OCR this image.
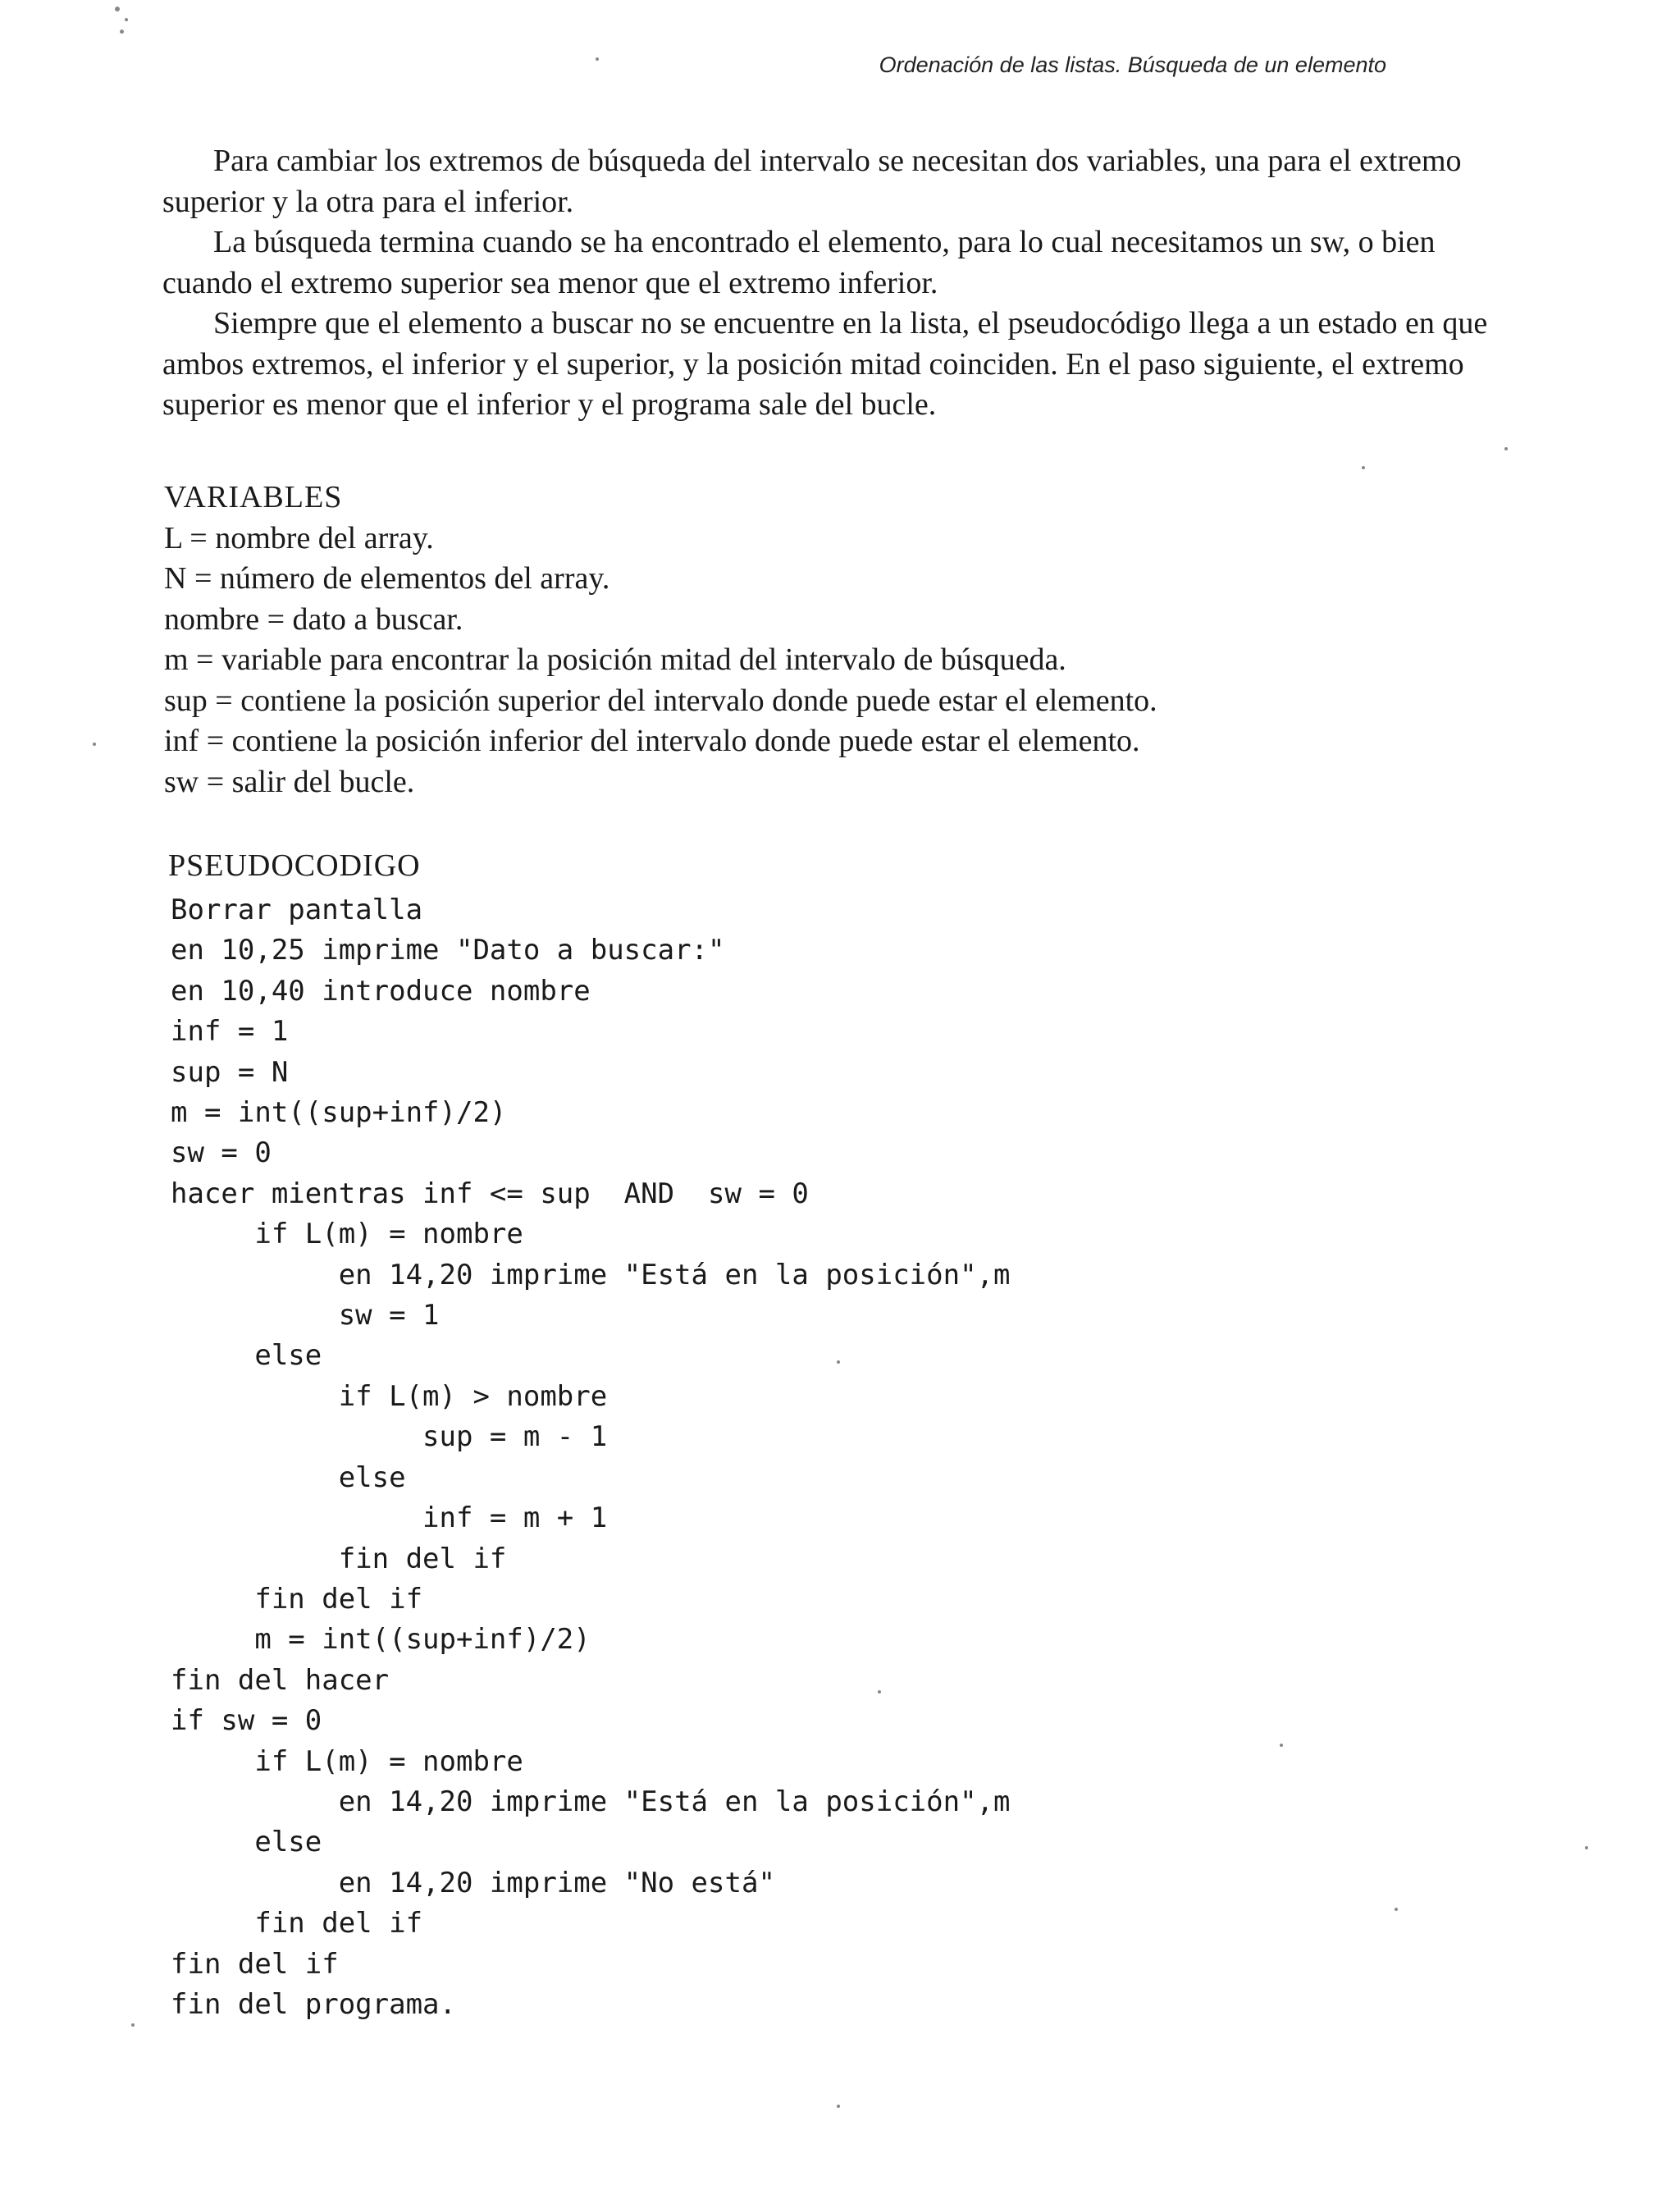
Ordenación de las listas. Búsqueda de un elemento

Para cambiar los extremos de búsqueda del intervalo se necesitan dos variables, una para el extremo superior y la otra para el inferior.

La búsqueda termina cuando se ha encontrado el elemento, para lo cual necesitamos un sw, o bien cuando el extremo superior sea menor que el extremo inferior.

Siempre que el elemento a buscar no se encuentre en la lista, el pseudocódigo llega a un estado en que ambos extremos, el inferior y el superior, y la posición mitad coinciden. En el paso siguiente, el extremo superior es menor que el inferior y el programa sale del bucle.

VARIABLES
L = nombre del array.
N = número de elementos del array.
nombre = dato a buscar.
m = variable para encontrar la posición mitad del intervalo de búsqueda.
sup = contiene la posición superior del intervalo donde puede estar el elemento.
inf = contiene la posición inferior del intervalo donde puede estar el elemento.
sw = salir del bucle.
PSEUDOCODIGO
Borrar pantalla
en 10,25 imprime "Dato a buscar:"
en 10,40 introduce nombre
inf = 1
sup = N
m = int((sup+inf)/2)
sw = 0
hacer mientras inf <= sup  AND  sw = 0
if L(m) = nombre
en 14,20 imprime "Está en la posición",m
sw = 1
else
if L(m) > nombre
sup = m - 1
else
inf = m + 1
fin del if
fin del if
m = int((sup+inf)/2)
fin del hacer
if sw = 0
if L(m) = nombre
en 14,20 imprime "Está en la posición",m
else
en 14,20 imprime "No está"
fin del if
fin del if
fin del programa.
